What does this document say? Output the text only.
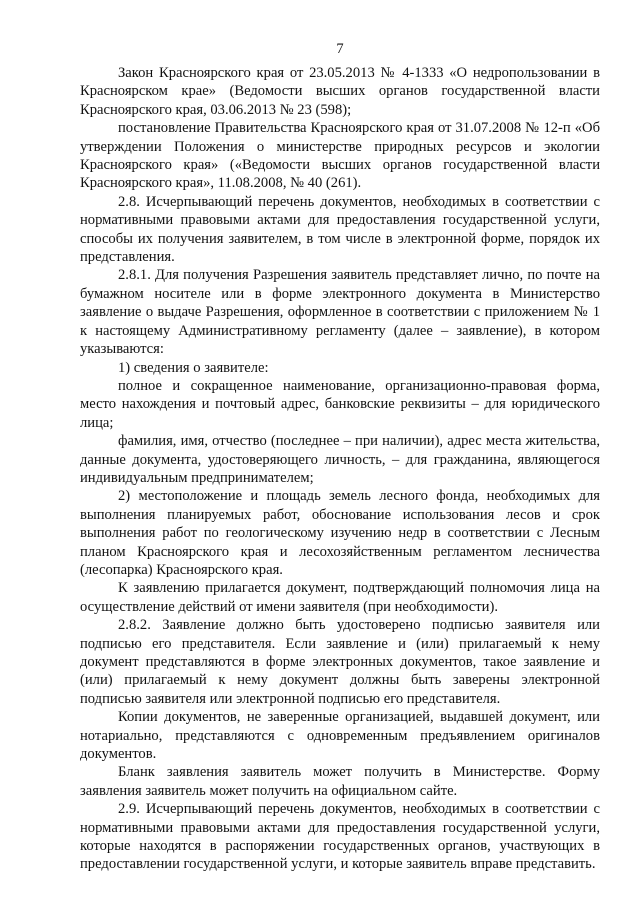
7

Закон Красноярского края от 23.05.2013 № 4-1333 «О недропользовании в Красноярском крае» (Ведомости высших органов государственной власти Красноярского края, 03.06.2013 № 23 (598);

постановление Правительства Красноярского края от 31.07.2008 № 12-п «Об утверждении Положения о министерстве природных ресурсов и экологии Красноярского края» («Ведомости высших органов государственной власти Красноярского края», 11.08.2008, № 40 (261).

2.8. Исчерпывающий перечень документов, необходимых в соответствии с нормативными правовыми актами для предоставления государственной услуги, способы их получения заявителем, в том числе в электронной форме, порядок их представления.

2.8.1. Для получения Разрешения заявитель представляет лично, по почте на бумажном носителе или в форме электронного документа в Министерство заявление о выдаче Разрешения, оформленное в соответствии с приложением № 1 к настоящему Административному регламенту (далее – заявление), в котором указываются:

1) сведения о заявителе:

полное и сокращенное наименование, организационно-правовая форма, место нахождения и почтовый адрес, банковские реквизиты – для юридического лица;

фамилия, имя, отчество (последнее – при наличии), адрес места жительства, данные документа, удостоверяющего личность, – для гражданина, являющегося индивидуальным предпринимателем;

2) местоположение и площадь земель лесного фонда, необходимых для выполнения планируемых работ, обоснование использования лесов и срок выполнения работ по геологическому изучению недр в соответствии с Лесным планом Красноярского края и лесохозяйственным регламентом лесничества (лесопарка) Красноярского края.

К заявлению прилагается документ, подтверждающий полномочия лица на осуществление действий от имени заявителя (при необходимости).

2.8.2. Заявление должно быть удостоверено подписью заявителя или подписью его представителя. Если заявление и (или) прилагаемый к нему документ представляются в форме электронных документов, такое заявление и (или) прилагаемый к нему документ должны быть заверены электронной подписью заявителя или электронной подписью его представителя.

Копии документов, не заверенные организацией, выдавшей документ, или нотариально, представляются с одновременным предъявлением оригиналов документов.

Бланк заявления заявитель может получить в Министерстве. Форму заявления заявитель может получить на официальном сайте.

2.9. Исчерпывающий перечень документов, необходимых в соответствии с нормативными правовыми актами для предоставления государственной услуги, которые находятся в распоряжении государственных органов, участвующих в предоставлении государственной услуги, и которые заявитель вправе представить.
